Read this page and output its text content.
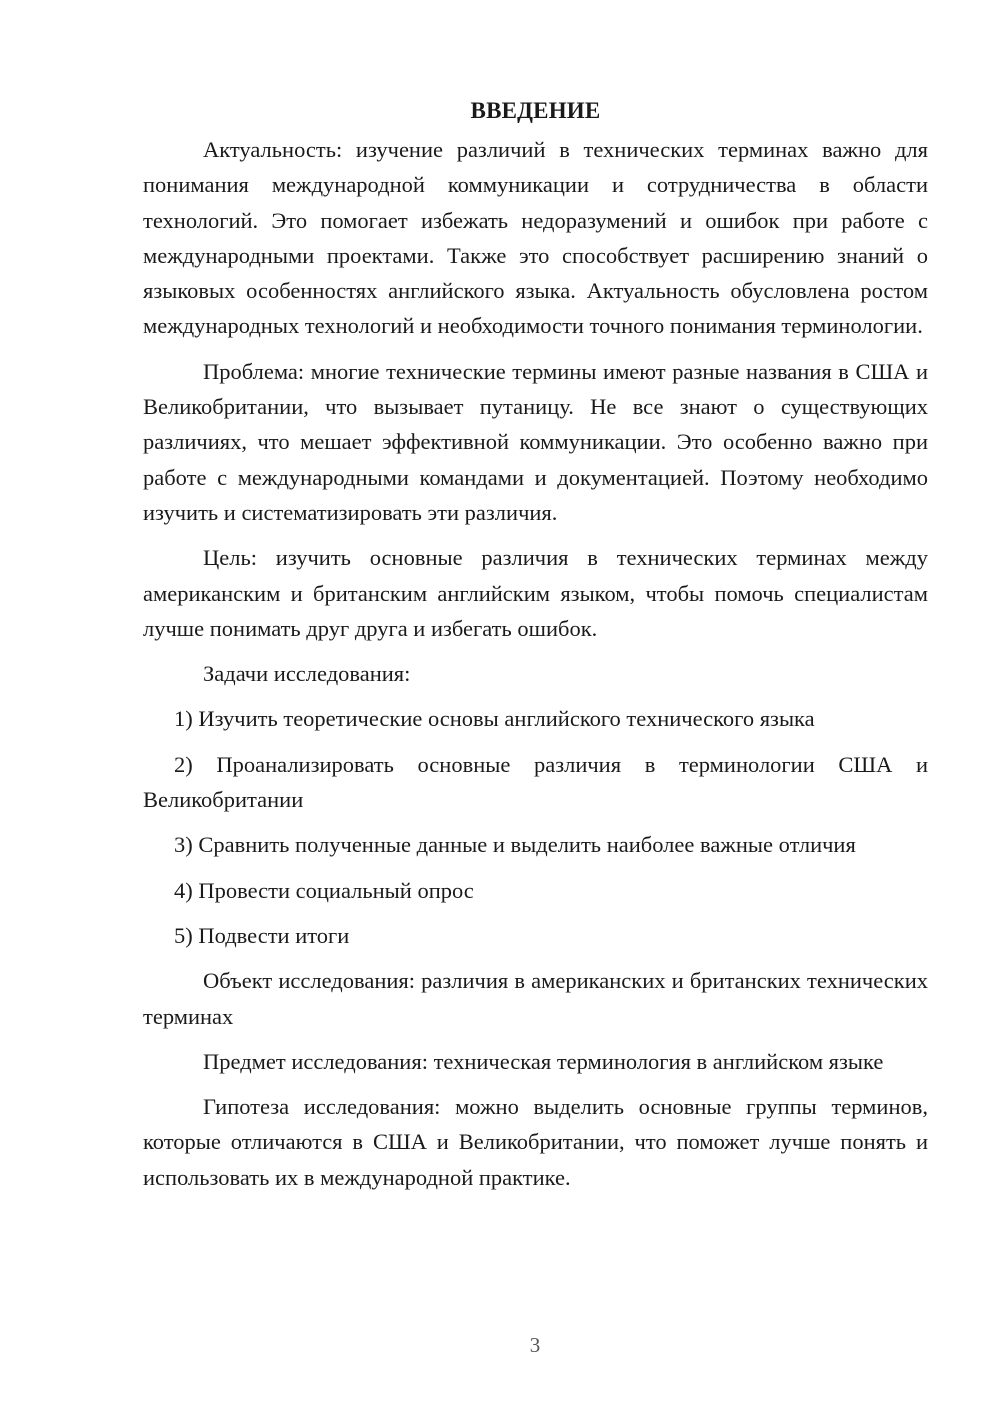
ВВЕДЕНИЕ

Актуальность: изучение различий в технических терминах важно для понимания международной коммуникации и сотрудничества в области технологий. Это помогает избежать недоразумений и ошибок при работе с международными проектами. Также это способствует расширению знаний о языковых особенностях английского языка. Актуальность обусловлена ростом международных технологий и необходимости точного понимания терминологии.

Проблема: многие технические термины имеют разные названия в США и Великобритании, что вызывает путаницу. Не все знают о существующих различиях, что мешает эффективной коммуникации. Это особенно важно при работе с международными командами и документацией. Поэтому необходимо изучить и систематизировать эти различия.

Цель: изучить основные различия в технических терминах между американским и британским английским языком, чтобы помочь специалистам лучше понимать друг друга и избегать ошибок.

Задачи исследования:

1) Изучить теоретические основы английского технического языка

2) Проанализировать основные различия в терминологии США и Великобритании

3) Сравнить полученные данные и выделить наиболее важные отличия

4) Провести социальный опрос

5) Подвести итоги

Объект исследования: различия в американских и британских технических терминах

Предмет исследования: техническая терминология в английском языке

Гипотеза исследования: можно выделить основные группы терминов, которые отличаются в США и Великобритании, что поможет лучше понять и использовать их в международной практике.

3
